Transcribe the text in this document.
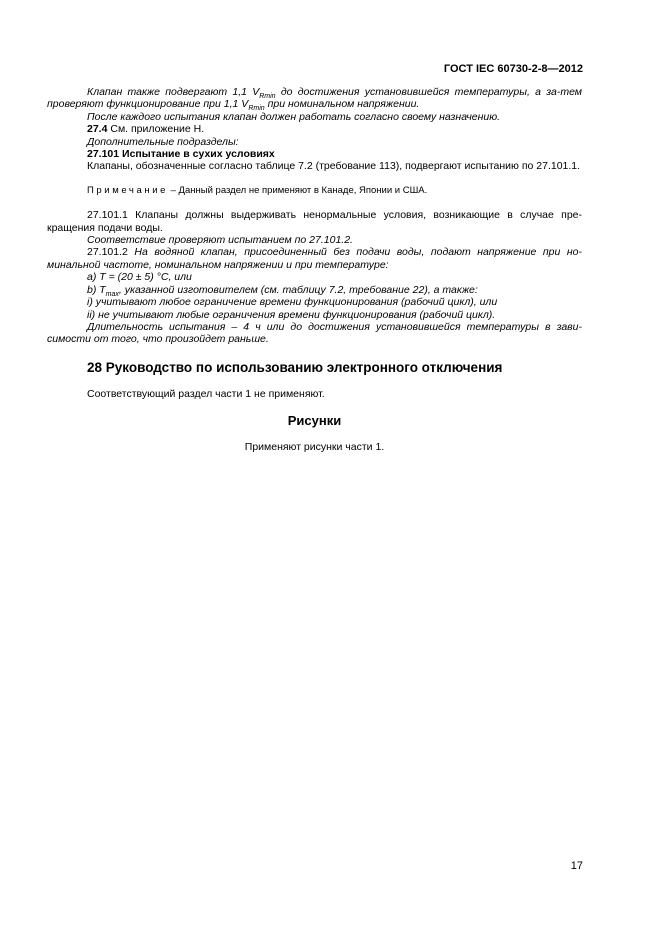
ГОСТ IEC 60730-2-8—2012

Клапан также подвергают 1,1 $V_{Rmin}$ до достижения установившейся температуры, а за-тем проверяют функционирование при 1,1 $V_{Rmin}$ при номинальном напряжении.

После каждого испытания клапан должен работать согласно своему назначению.

27.4 См. приложение Н.

Дополнительные подразделы:

27.101 Испытание в сухих условиях

Клапаны, обозначенные согласно таблице 7.2 (требование 113), подвергают испытанию по 27.101.1.

Примечание – Данный раздел не применяют в Канаде, Японии и США.

27.101.1 Клапаны должны выдерживать ненормальные условия, возникающие в случае пре-кращения подачи воды.

Соответствие проверяют испытанием по 27.101.2.

27.101.2 На водяной клапан, присоединенный без подачи воды, подают напряжение при но-минальной частоте, номинальном напряжении и при температуре:

a) T = (20 ± 5) °C, или

b) $T_{max}$, указанной изготовителем (см. таблицу 7.2, требование 22), а также:

i) учитывают любое ограничение времени функционирования (рабочий цикл), или

ii) не учитывают любые ограничения времени функционирования (рабочий цикл).

Длительность испытания – 4 ч или до достижения установившейся температуры в зави-симости от того, что произойдет раньше.

28 Руководство по использованию электронного отключения

Соответствующий раздел части 1 не применяют.

Рисунки

Применяют рисунки части 1.

17
